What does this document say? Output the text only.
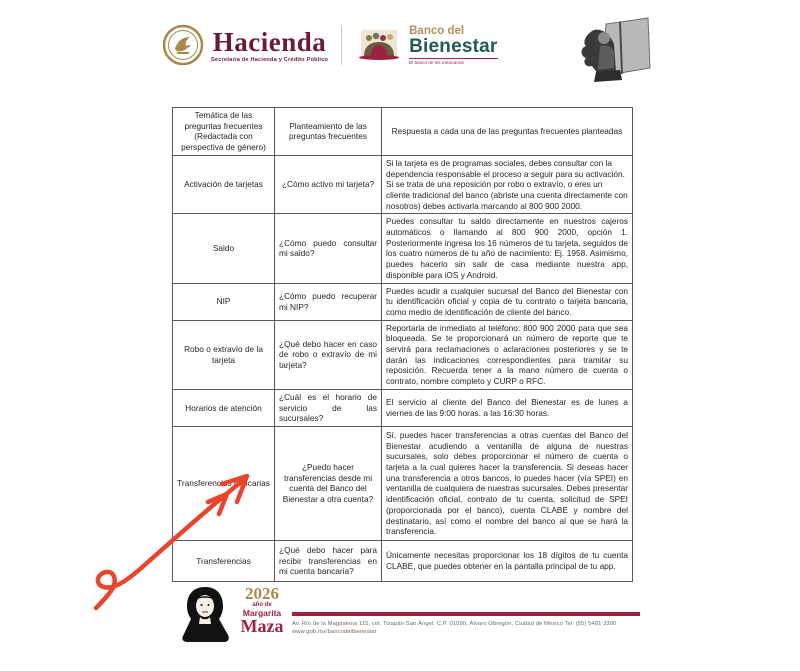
Hacienda
Secretaría de Hacienda y Crédito Público
Banco del
Bienestar
El banco de los mexicanos
Temática de las preguntas frecuentes (Redactada con perspectiva de género)	Planteamiento de las preguntas frecuentes	Respuesta a cada una de las preguntas frecuentes planteadas
Activación de tarjetas	¿Cómo activo mi tarjeta?	Si la tarjeta es de programas sociales, debes consultar con la dependencia responsable el proceso a seguir para su activación. Si se trata de una reposición por robo o extravío, o eres un cliente tradicional del banco (abriste una cuenta directamente con nosotros) debes activarla marcando al 800 900 2000.
Saldo	¿Cómo puedo consultar mi saldo?	Puedes consultar tu saldo directamente en nuestros cajeros automáticos o llamando al 800 900 2000, opción 1. Posteriormente ingresa los 16 números de tu tarjeta, seguidos de los cuatro números de tu año de nacimiento: Ej. 1958. Asimismo, puedes hacerlo sin salir de casa mediante nuestra app, disponible para iOS y Android.
NIP	¿Cómo puedo recuperar mi NIP?	Puedes acudir a cualquier sucursal del Banco del Bienestar con tu identificación oficial y copia de tu contrato o tarjeta bancaria, como medio de identificación de cliente del banco.
Robo o extravío de la tarjeta	¿Qué debo hacer en caso de robo o extravío de mi tarjeta?	Reportarla de inmediato al teléfono: 800 900 2000 para que sea bloqueada. Se te proporcionará un número de reporte que te servirá para reclamaciones o aclaraciones posteriores y se te darán las indicaciones correspondientes para tramitar su reposición. Recuerda tener a la mano número de cuenta o contrato, nombre completo y CURP o RFC.
Horarios de atención	¿Cuál es el horario de servicio de las sucursales?	El servicio al cliente del Banco del Bienestar es de lunes a viernes de las 9:00 horas. a las 16:30 horas.
Transferencias bancarias	¿Puedo hacer transferencias desde mi cuenta del Banco del Bienestar a otra cuenta?	Sí, puedes hacer transferencias a otras cuentas del Banco del Bienestar acudiendo a ventanilla de alguna de nuestras sucursales, solo debes proporcionar el número de cuenta o tarjeta a la cual quieres hacer la transferencia. Si deseas hacer una transferencia a otros bancos, lo puedes hacer (vía SPEI) en ventanilla de cualquiera de nuestras sucursales. Debes presentar identificación oficial, contrato de tu cuenta, solicitud de SPEI (proporcionada por el banco), cuenta CLABE y nombre del destinatario, así como el nombre del banco al que se hará la transferencia.
Transferencias	¿Qué debo hacer para recibir transferencias en mi cuenta bancaria?	Únicamente necesitas proporcionar los 18 dígitos de tu cuenta CLABE, que puedes obtener en la pantalla principal de tu app.
2026
año de
Margarita
Maza Av. Río de la Magdalena 115, col. Tizapán San Ángel, C.P. 01090, Álvaro Obregón, Ciudad de México Tel: (55) 5481 3300 www.gob.mx/bancodelbienestar
